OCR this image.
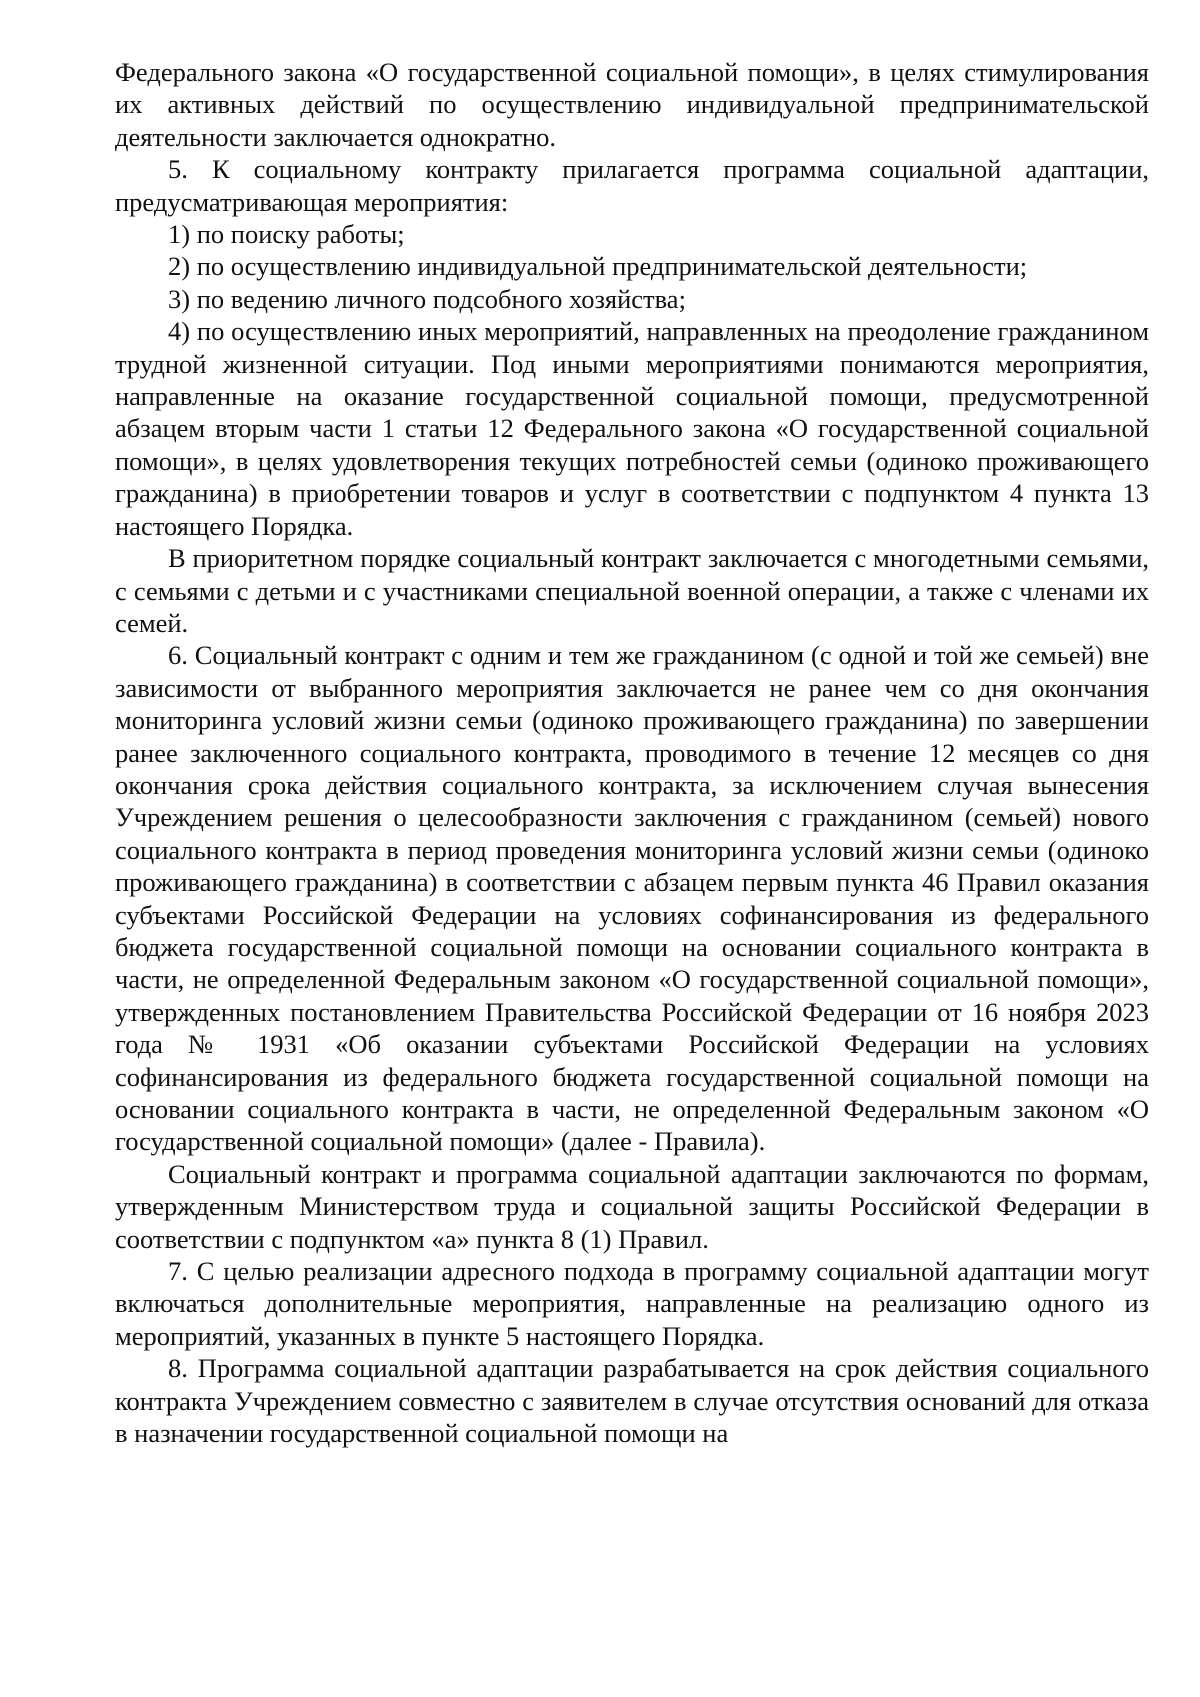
Федерального закона «О государственной социальной помощи», в целях стимулирования их активных действий по осуществлению индивидуальной предпринимательской деятельности заключается однократно.

5. К социальному контракту прилагается программа социальной адаптации, предусматривающая мероприятия:

1) по поиску работы;

2) по осуществлению индивидуальной предпринимательской деятельности;

3) по ведению личного подсобного хозяйства;

4) по осуществлению иных мероприятий, направленных на преодоление гражданином трудной жизненной ситуации. Под иными мероприятиями понимаются мероприятия, направленные на оказание государственной социальной помощи, предусмотренной абзацем вторым части 1 статьи 12 Федерального закона «О государственной социальной помощи», в целях удовлетворения текущих потребностей семьи (одиноко проживающего гражданина) в приобретении товаров и услуг в соответствии с подпунктом 4 пункта 13 настоящего Порядка.

В приоритетном порядке социальный контракт заключается с многодетными семьями, с семьями с детьми и с участниками специальной военной операции, а также с членами их семей.

6. Социальный контракт с одним и тем же гражданином (с одной и той же семьей) вне зависимости от выбранного мероприятия заключается не ранее чем со дня окончания мониторинга условий жизни семьи (одиноко проживающего гражданина) по завершении ранее заключенного социального контракта, проводимого в течение 12 месяцев со дня окончания срока действия социального контракта, за исключением случая вынесения Учреждением решения о целесообразности заключения с гражданином (семьей) нового социального контракта в период проведения мониторинга условий жизни семьи (одиноко проживающего гражданина) в соответствии с абзацем первым пункта 46 Правил оказания субъектами Российской Федерации на условиях софинансирования из федерального бюджета государственной социальной помощи на основании социального контракта в части, не определенной Федеральным законом «О государственной социальной помощи», утвержденных постановлением Правительства Российской Федерации от 16 ноября 2023 года № 1931 «Об оказании субъектами Российской Федерации на условиях софинансирования из федерального бюджета государственной социальной помощи на основании социального контракта в части, не определенной Федеральным законом «О государственной социальной помощи» (далее - Правила).

Социальный контракт и программа социальной адаптации заключаются по формам, утвержденным Министерством труда и социальной защиты Российской Федерации в соответствии с подпунктом «а» пункта 8 (1) Правил.

7. С целью реализации адресного подхода в программу социальной адаптации могут включаться дополнительные мероприятия, направленные на реализацию одного из мероприятий, указанных в пункте 5 настоящего Порядка.

8. Программа социальной адаптации разрабатывается на срок действия социального контракта Учреждением совместно с заявителем в случае отсутствия оснований для отказа в назначении государственной социальной помощи на
